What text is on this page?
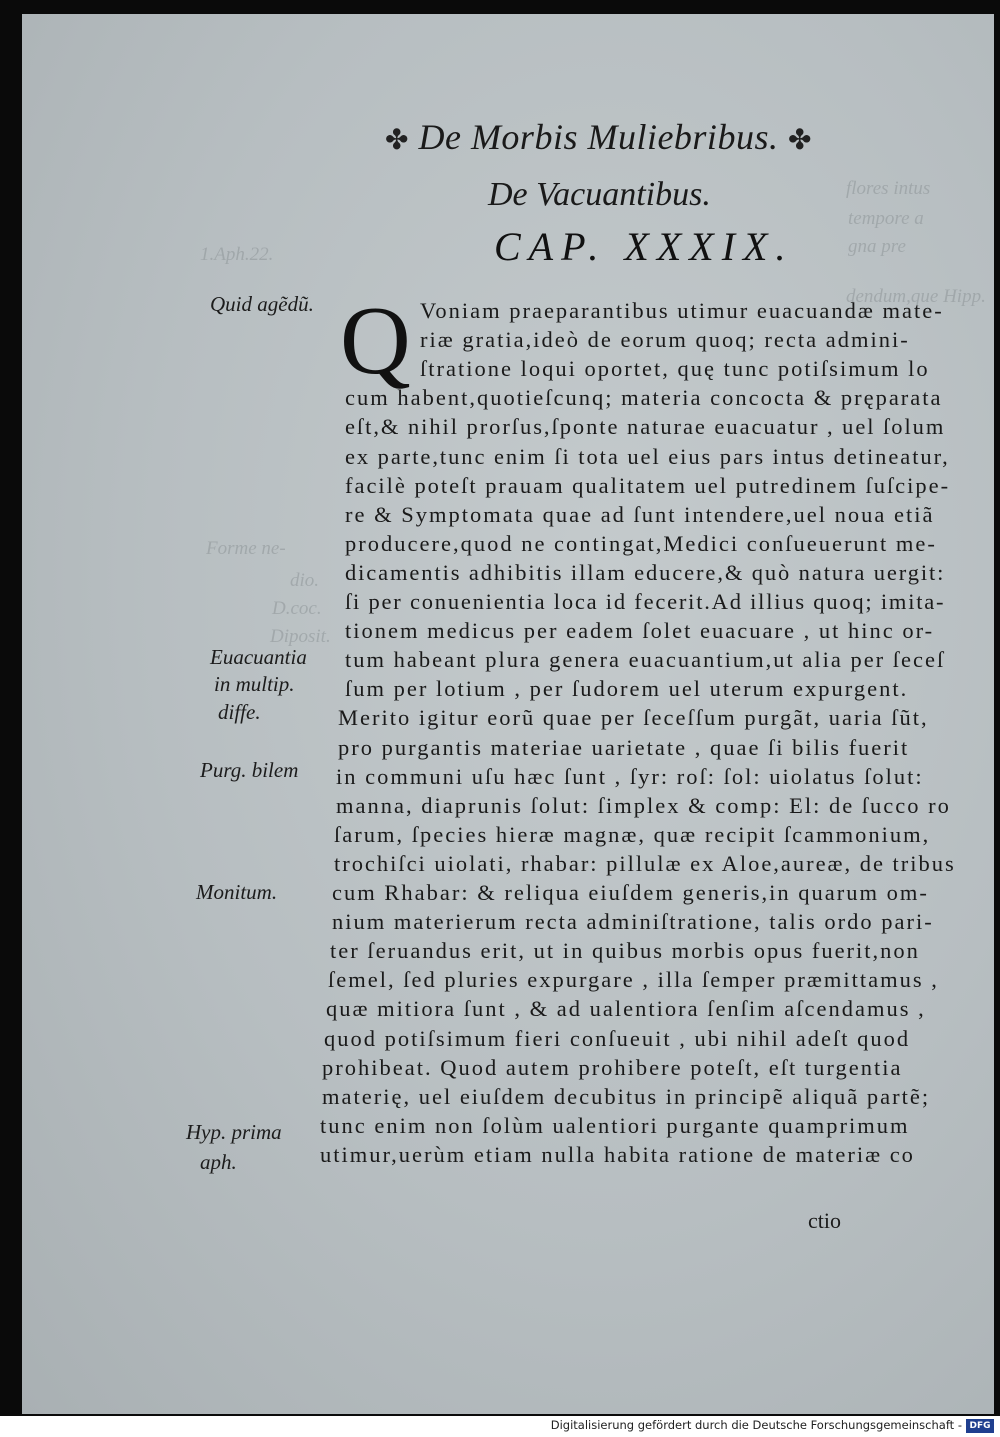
1.Aph.22.
flores intus
tempore a
gna pre
dendum,que Hipp.
Forme ne-
dio.
D.coc.
Diposit.
✤ De Morbis Muliebribus. ✤
De Vacuantibus.
CAP. XXXIX.
Quid agẽdũ.
Euacuantia
in multip.
diffe.
Purg. bilem
Monitum.
Hyp. prima
aph.
Q Voniam praeparantibus utimur euacuandæ mate-
riæ gratia,ideò de eorum quoq; recta admini-
ſtratione loqui oportet, quę tunc potiſsimum lo
cum habent,quotieſcunq; materia concocta & pręparata
eſt,& nihil prorſus,ſponte naturae euacuatur , uel ſolum
ex parte,tunc enim ſi tota uel eius pars intus detineatur,
facilè poteſt prauam qualitatem uel putredinem ſuſcipe-
re & Symptomata quae ad ſunt intendere,uel noua etiã
producere,quod ne contingat,Medici conſueuerunt me-
dicamentis adhibitis illam educere,& quò natura uergit:
ſi per conuenientia loca id fecerit.Ad illius quoq; imita-
tionem medicus per eadem ſolet euacuare , ut hinc or-
tum habeant plura genera euacuantium,ut alia per ſeceſ
ſum per lotium , per ſudorem uel uterum expurgent.
Merito igitur eorũ quae per ſeceſſum purgãt, uaria ſũt,
pro purgantis materiae uarietate , quae ſi bilis fuerit
in communi uſu hæc ſunt , ſyr: roſ: ſol: uiolatus ſolut:
manna, diaprunis ſolut: ſimplex & comp: El: de ſucco ro
ſarum, ſpecies hieræ magnæ, quæ recipit ſcammonium,
trochiſci uiolati, rhabar: pillulæ ex Aloe,aureæ, de tribus
cum Rhabar: & reliqua eiuſdem generis,in quarum om-
nium materierum recta adminiſtratione, talis ordo pari-
ter ſeruandus erit, ut in quibus morbis opus fuerit,non
ſemel, ſed pluries expurgare , illa ſemper præmittamus ,
quæ mitiora ſunt , & ad ualentiora ſenſim aſcendamus ,
quod potiſsimum fieri conſueuit , ubi nihil adeſt quod
prohibeat. Quod autem prohibere poteſt, eſt turgentia
materię, uel eiuſdem decubitus in principẽ aliquã partẽ;
tunc enim non ſolùm ualentiori purgante quamprimum
utimur,uerùm etiam nulla habita ratione de materiæ co
ctio
Digitalisierung gefördert durch die Deutsche Forschungsgemeinschaft - DFG
